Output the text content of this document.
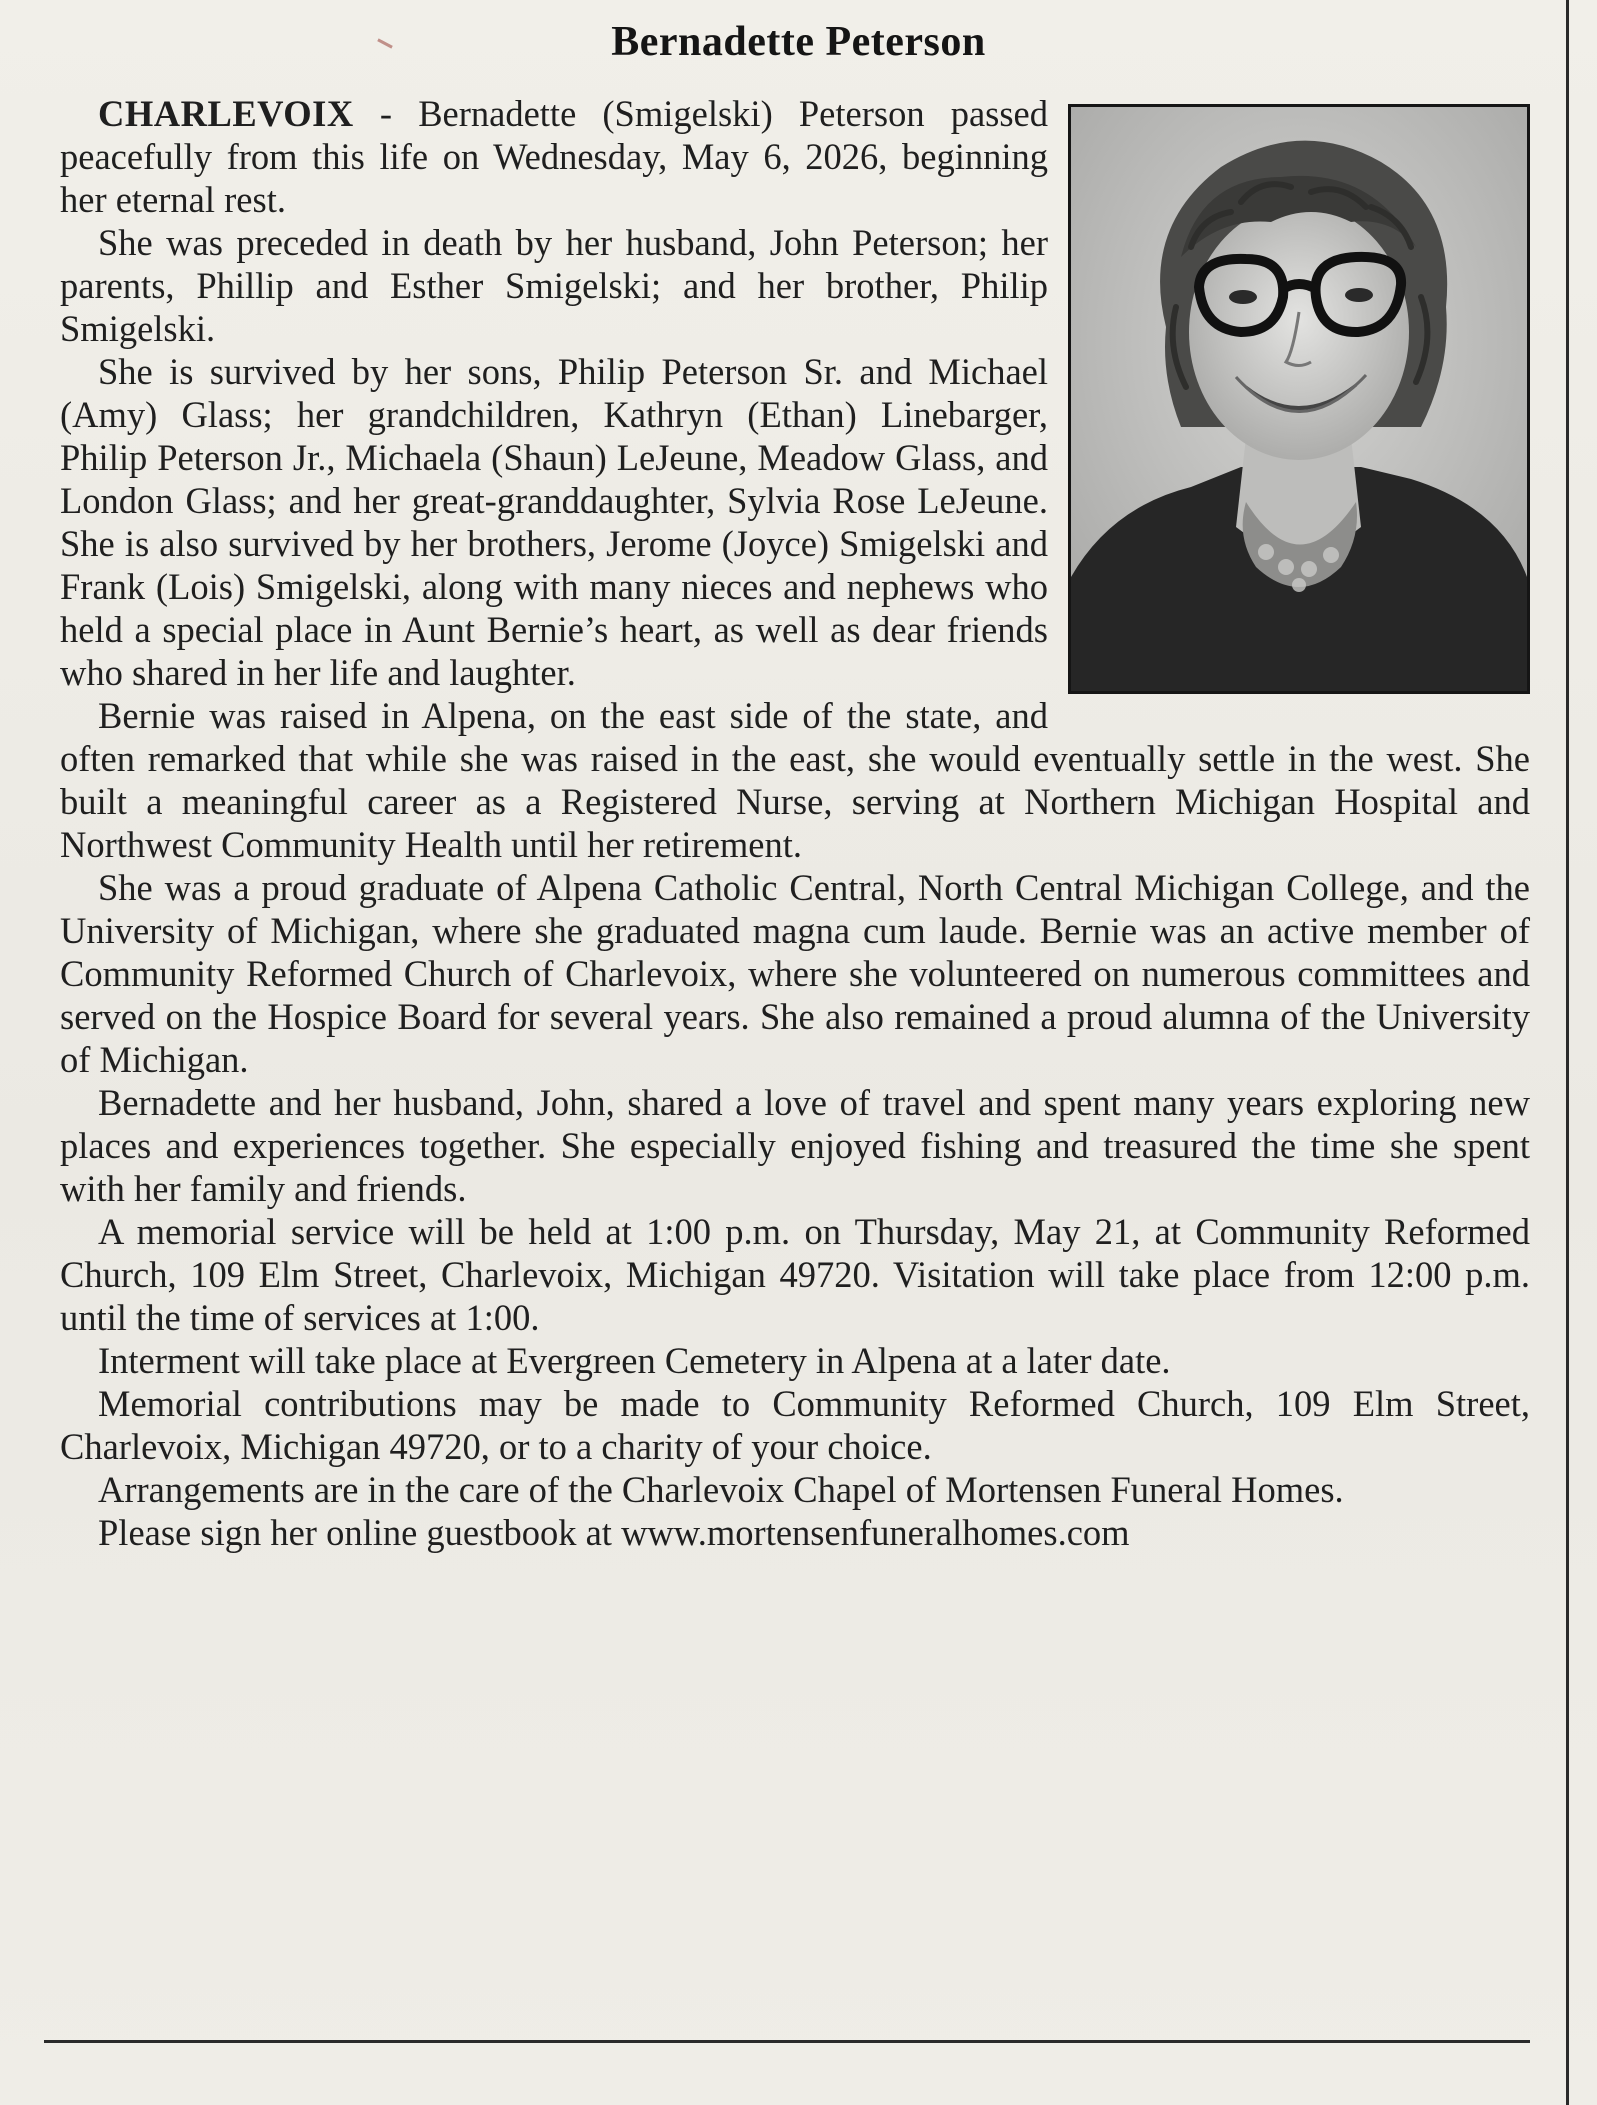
Bernadette Peterson

CHARLEVOIX - Bernadette (Smigelski) Peterson passed peacefully from this life on Wednesday, May 6, 2026, beginning her eternal rest.

She was preceded in death by her husband, John Peterson; her parents, Phillip and Esther Smigelski; and her brother, Philip Smigelski.

She is survived by her sons, Philip Peterson Sr. and Michael (Amy) Glass; her grandchildren, Kathryn (Ethan) Linebarger, Philip Peterson Jr., Michaela (Shaun) LeJeune, Meadow Glass, and London Glass; and her great-granddaughter, Sylvia Rose LeJeune. She is also survived by her brothers, Jerome (Joyce) Smigelski and Frank (Lois) Smigelski, along with many nieces and nephews who held a special place in Aunt Bernie’s heart, as well as dear friends who shared in her life and laughter.

Bernie was raised in Alpena, on the east side of the state, and often remarked that while she was raised in the east, she would eventually settle in the west. She built a meaningful career as a Registered Nurse, serving at Northern Michigan Hospital and Northwest Community Health until her retirement.

She was a proud graduate of Alpena Catholic Central, North Central Michigan College, and the University of Michigan, where she graduated magna cum laude. Bernie was an active member of Community Reformed Church of Charlevoix, where she volunteered on numerous committees and served on the Hospice Board for several years. She also remained a proud alumna of the University of Michigan.

Bernadette and her husband, John, shared a love of travel and spent many years exploring new places and experiences together. She especially enjoyed fishing and treasured the time she spent with her family and friends.

A memorial service will be held at 1:00 p.m. on Thursday, May 21, at Community Reformed Church, 109 Elm Street, Charlevoix, Michigan 49720. Visitation will take place from 12:00 p.m. until the time of services at 1:00.

Interment will take place at Evergreen Cemetery in Alpena at a later date.

Memorial contributions may be made to Community Reformed Church, 109 Elm Street, Charlevoix, Michigan 49720, or to a charity of your choice.

Arrangements are in the care of the Charlevoix Chapel of Mortensen Funeral Homes.

Please sign her online guestbook at www.mortensenfuneralhomes.com
